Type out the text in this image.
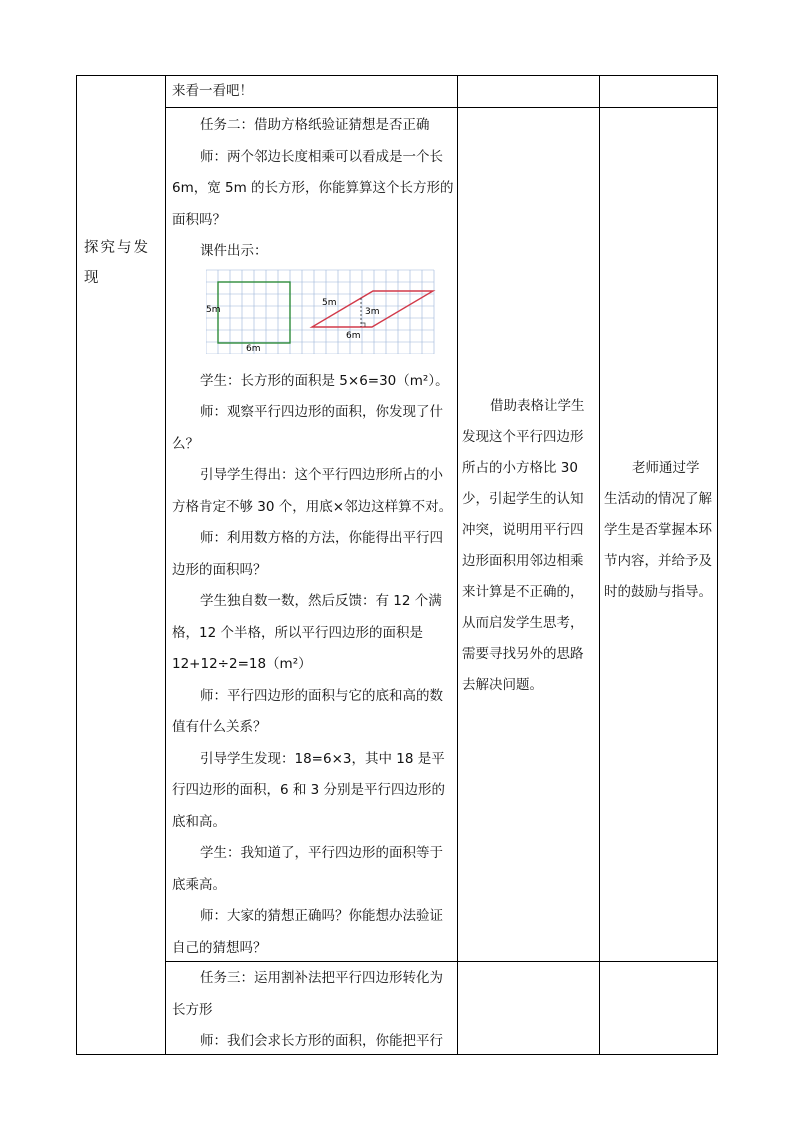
探究与发现

来看一看吧！

任务二：借助方格纸验证猜想是否正确

师：两个邻边长度相乘可以看成是一个长6m，宽 5m 的长方形，你能算算这个长方形的面积吗？

课件出示：

5m
6m
5m
3m
6m

学生：长方形的面积是 5×6=30（m²）。

师：观察平行四边形的面积，你发现了什么？

引导学生得出：这个平行四边形所占的小方格肯定不够 30 个，用底×邻边这样算不对。

师：利用数方格的方法，你能得出平行四边形的面积吗？

学生独自数一数，然后反馈：有 12 个满格，12 个半格，所以平行四边形的面积是 12+12÷2=18（m²）

师：平行四边形的面积与它的底和高的数值有什么关系？

引导学生发现：18=6×3，其中 18 是平行四边形的面积，6 和 3 分别是平行四边形的底和高。

学生：我知道了，平行四边形的面积等于底乘高。

师：大家的猜想正确吗？你能想办法验证自己的猜想吗？

借助表格让学生发现这个平行四边形所占的小方格比 30 少，引起学生的认知冲突，说明用平行四边形面积用邻边相乘来计算是不正确的，从而启发学生思考，需要寻找另外的思路去解决问题。

老师通过学生活动的情况了解学生是否掌握本环节内容，并给予及时的鼓励与指导。

任务三：运用割补法把平行四边形转化为长方形

师：我们会求长方形的面积，你能把平行
